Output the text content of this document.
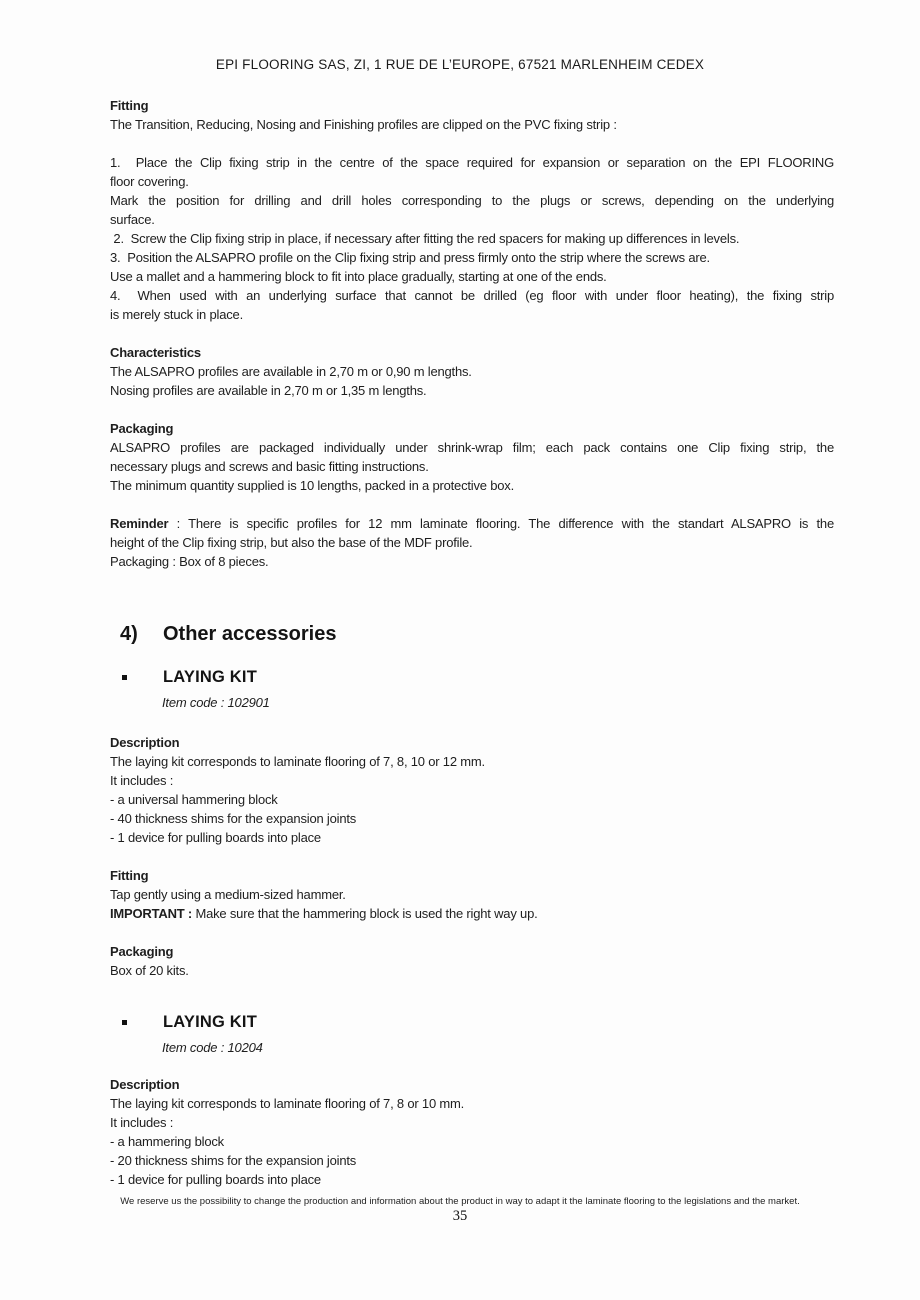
EPI FLOORING SAS, ZI, 1 RUE DE L’EUROPE, 67521 MARLENHEIM CEDEX
Fitting
The Transition, Reducing, Nosing and Finishing profiles are clipped on the PVC fixing strip :
1.  Place the Clip fixing strip in the centre of the space required for expansion or separation on the EPI FLOORING
floor covering.
Mark the position for drilling and drill holes corresponding to the plugs or screws, depending on the underlying
surface.
2.  Screw the Clip fixing strip in place, if necessary after fitting the red spacers for making up differences in levels.
3.  Position the ALSAPRO profile on the Clip fixing strip and press firmly onto the strip where the screws are.
Use a mallet and a hammering block to fit into place gradually, starting at one of the ends.
4.  When used with an underlying surface that cannot be drilled (eg floor with under floor heating), the fixing strip
is merely stuck in place.
Characteristics
The ALSAPRO profiles are available in 2,70 m or 0,90 m lengths.
Nosing profiles are available in 2,70 m or 1,35 m lengths.
Packaging
ALSAPRO profiles are packaged individually under shrink-wrap film; each pack contains one Clip fixing strip, the
necessary plugs and screws and basic fitting instructions.
The minimum quantity supplied is 10 lengths, packed in a protective box.
Reminder : There is specific profiles for 12 mm laminate flooring. The difference with the standart ALSAPRO is the
height of the Clip fixing strip, but also the base of the MDF profile.
Packaging : Box of 8 pieces.
4) Other accessories
LAYING KIT
Item code : 102901
Description
The laying kit corresponds to laminate flooring of 7, 8, 10 or 12 mm.
It includes :
- a universal hammering block
- 40 thickness shims for the expansion joints
- 1 device for pulling boards into place
Fitting
Tap gently using a medium-sized hammer.
IMPORTANT : Make sure that the hammering block is used the right way up.
Packaging
Box of 20 kits.
LAYING KIT
Item code : 10204
Description
The laying kit corresponds to laminate flooring of 7, 8 or 10 mm.
It includes :
- a hammering block
- 20 thickness shims for the expansion joints
- 1 device for pulling boards into place
We reserve us the possibility to change the production and information about the product in way to adapt it the laminate flooring to the legislations and the market.
35
